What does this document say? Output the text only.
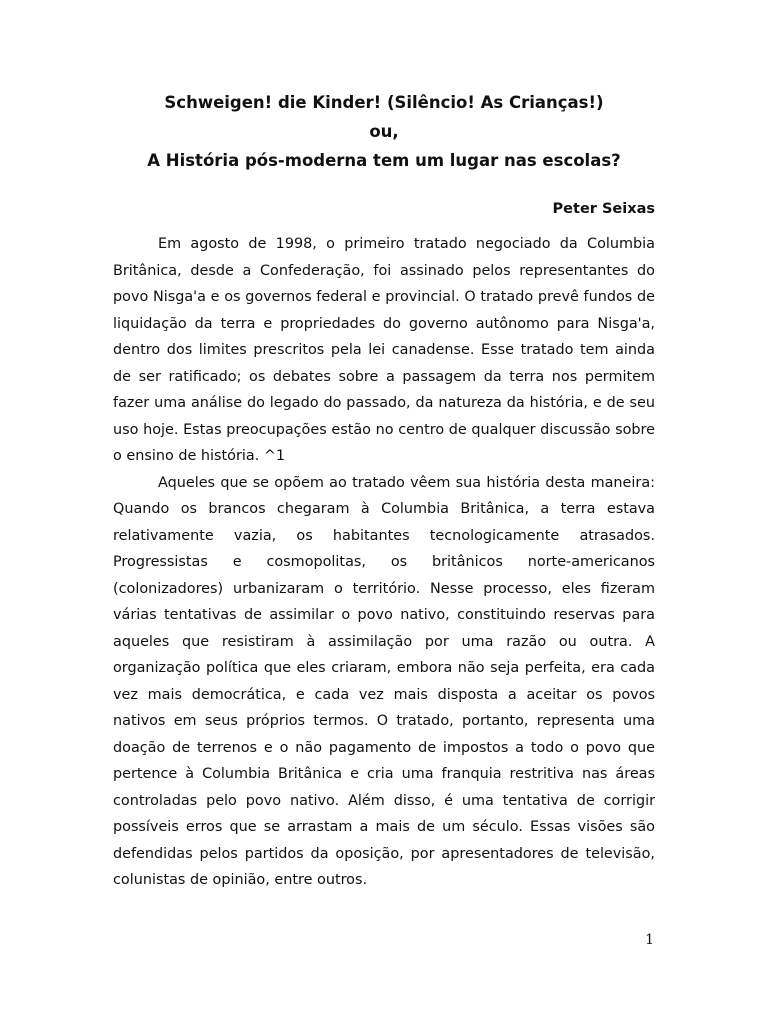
Schweigen! die Kinder! (Silêncio! As Crianças!)

ou,

A História pós-moderna tem um lugar nas escolas?

Peter Seixas

Em agosto de 1998, o primeiro tratado negociado da Columbia Britânica, desde a Confederação, foi assinado pelos representantes do povo Nisga'a e os governos federal e provincial. O tratado prevê fundos de liquidação da terra e propriedades do governo autônomo para Nisga'a, dentro dos limites prescritos pela lei canadense. Esse tratado tem ainda de ser ratificado; os debates sobre a passagem da terra nos permitem fazer uma análise do legado do passado, da natureza da história, e de seu uso hoje. Estas preocupações estão no centro de qualquer discussão sobre o ensino de história. ^1

Aqueles que se opõem ao tratado vêem sua história desta maneira: Quando os brancos chegaram à Columbia Britânica, a terra estava relativamente vazia, os habitantes tecnologicamente atrasados. Progressistas e cosmopolitas, os britânicos norte-americanos (colonizadores) urbanizaram o território. Nesse processo, eles fizeram várias tentativas de assimilar o povo nativo, constituindo reservas para aqueles que resistiram à assimilação por uma razão ou outra. A organização política que eles criaram, embora não seja perfeita, era cada vez mais democrática, e cada vez mais disposta a aceitar os povos nativos em seus próprios termos. O tratado, portanto, representa uma doação de terrenos e o não pagamento de impostos a todo o povo que pertence à Columbia Britânica e cria uma franquia restritiva nas áreas controladas pelo povo nativo. Além disso, é uma tentativa de corrigir possíveis erros que se arrastam a mais de um século. Essas visões são defendidas pelos partidos da oposição, por apresentadores de televisão, colunistas de opinião, entre outros.

1
